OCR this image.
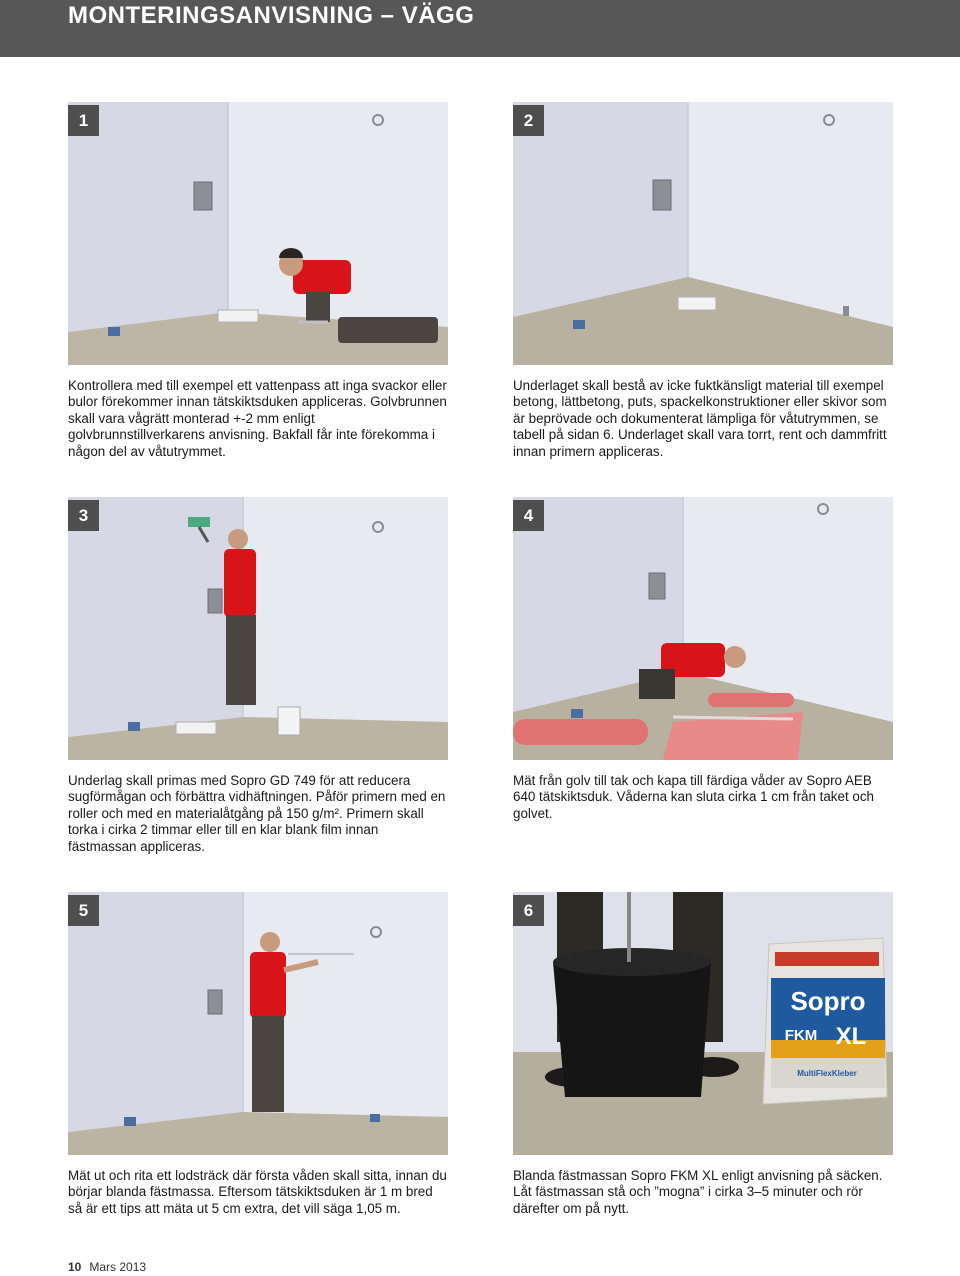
MONTERINGSANVISNING – VÄGG
1

Kontrollera med till exempel ett vattenpass att inga svackor eller bulor förekommer innan tätskiktsduken appliceras. Golvbrunnen skall vara vågrätt monterad +-2 mm enligt golvbrunnstillverkarens anvisning. Bakfall får inte förekomma i någon del av våtutrymmet.

2

Underlaget skall bestå av icke fuktkänsligt material till exempel betong, lättbetong, puts, spackelkonstruktioner eller skivor som är beprövade och dokumenterat lämpliga för våtutrymmen, se tabell på sidan 6. Underlaget skall vara torrt, rent och dammfritt innan primern appliceras.

3

Underlag skall primas med Sopro GD 749 för att reducera sugförmågan och förbättra vidhäftningen. Påför primern med en roller och med en materialåtgång på 150 g/m². Primern skall torka i cirka 2 timmar eller till en klar blank film innan fästmassan appliceras.

4

Mät från golv till tak och kapa till färdiga våder av Sopro AEB 640 tätskiktsduk. Våderna kan sluta cirka 1 cm från taket och golvet.

5

Mät ut och rita ett lodsträck där första våden skall sitta, innan du börjar blanda fästmassa. Eftersom tätskiktsduken är 1 m bred så är ett tips att mäta ut 5 cm extra, det vill säga 1,05 m.

Sopro
FKM XL
MultiFlexKleber
6

Blanda fästmassan Sopro FKM XL enligt anvisning på säcken. Låt fästmassan stå och ”mogna” i cirka 3–5 minuter och rör därefter om på nytt.

10 Mars 2013
